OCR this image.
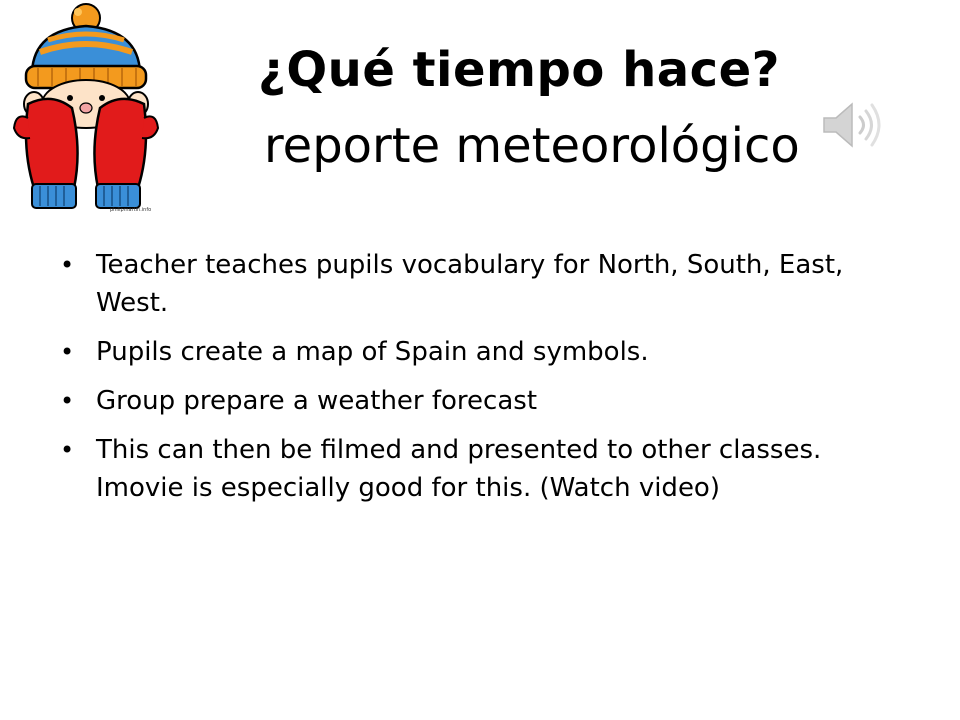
philipmartin.info
¿Qué tiempo hace?
reporte meteorológico
• Teacher teaches pupils vocabulary for North, South, East, West.
• Pupils create a map of Spain and symbols.
• Group prepare a weather forecast
• This can then be filmed and presented to other classes. Imovie is especially good for this. (Watch video)
